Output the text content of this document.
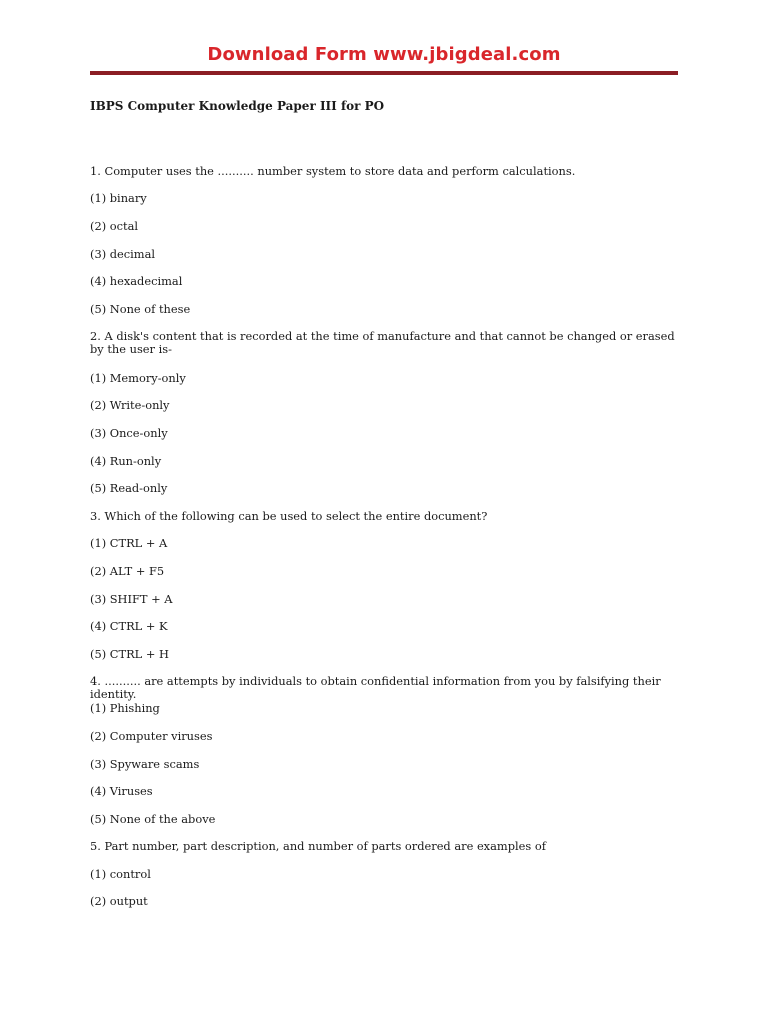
Download Form www.jbigdeal.com
IBPS Computer Knowledge Paper III for PO
1. Computer uses the .......... number system to store data and perform calculations.
(1) binary
(2) octal
(3) decimal
(4) hexadecimal
(5) None of these
2. A disk's content that is recorded at the time of manufacture and that cannot be changed or erased by the user is-
(1) Memory-only
(2) Write-only
(3) Once-only
(4) Run-only
(5) Read-only
3. Which of the following can be used to select the entire document?
(1) CTRL + A
(2) ALT + F5
(3) SHIFT + A
(4) CTRL + K
(5) CTRL + H
4. .......... are attempts by individuals to obtain confidential information from you by falsifying their identity.
(1) Phishing
(2) Computer viruses
(3) Spyware scams
(4) Viruses
(5) None of the above
5. Part number, part description, and number of parts ordered are examples of
(1) control
(2) output
